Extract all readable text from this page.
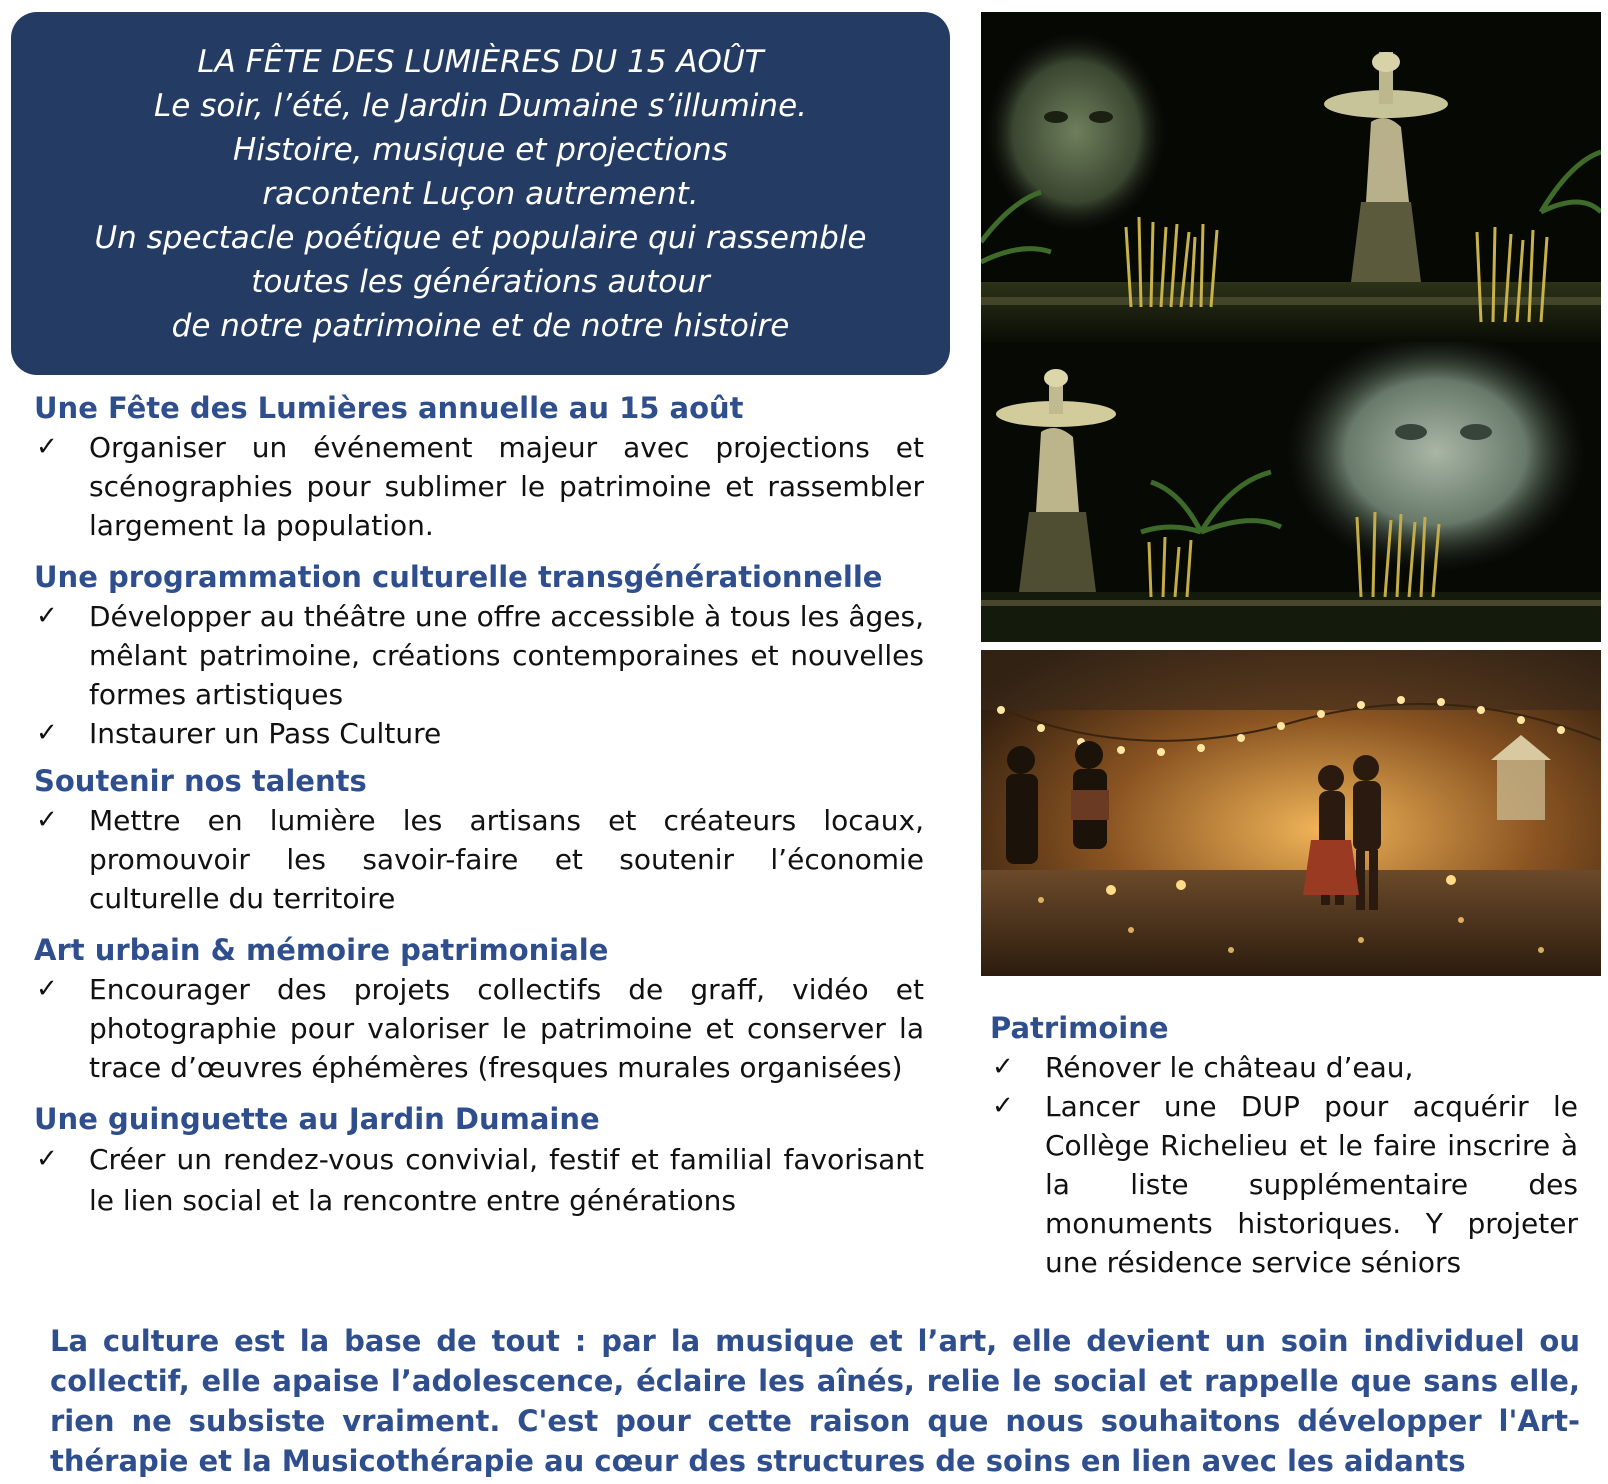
LA FÊTE DES LUMIÈRES DU 15 AOÛT
Le soir, l’été, le Jardin Dumaine s’illumine.
Histoire, musique et projections
racontent Luçon autrement.
Un spectacle poétique et populaire qui rassemble
toutes les générations autour
de notre patrimoine et de notre histoire
Une Fête des Lumières annuelle au 15 août
✓ Organiser un événement majeur avec projections et scénographies pour sublimer le patrimoine et rassembler largement la population.
Une programmation culturelle transgénérationnelle
✓ Développer au théâtre une offre accessible à tous les âges, mêlant patrimoine, créations contemporaines et nouvelles formes artistiques
✓ Instaurer un Pass Culture
Soutenir nos talents
✓ Mettre en lumière les artisans et créateurs locaux, promouvoir les savoir-faire et soutenir l’économie culturelle du territoire
Art urbain & mémoire patrimoniale
✓ Encourager des projets collectifs de graff, vidéo et photographie pour valoriser le patrimoine et conserver la trace d’œuvres éphémères (fresques murales organisées)
Une guinguette au Jardin Dumaine
✓ Créer un rendez-vous convivial, festif et familial favorisant le lien social et la rencontre entre générations
Patrimoine
✓ Rénover le château d’eau,
✓ Lancer une DUP pour acquérir le Collège Richelieu et le faire inscrire à la liste supplémentaire des monuments historiques. Y projeter une résidence service séniors
La culture est la base de tout : par la musique et l’art, elle devient un soin individuel ou collectif, elle apaise l’adolescence, éclaire les aînés, relie le social et rappelle que sans elle, rien ne subsiste vraiment. C'est pour cette raison que nous souhaitons développer l'Art-thérapie et la Musicothérapie au cœur des structures de soins en lien avec les aidants
